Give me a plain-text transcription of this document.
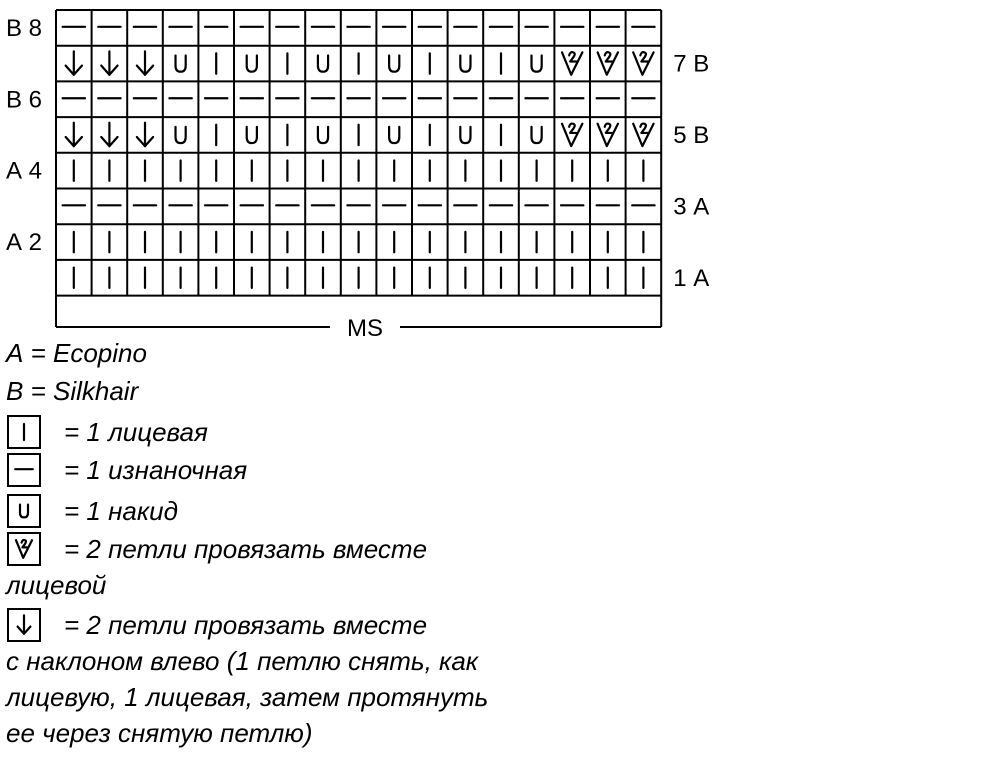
В 8
7 В
В 6
5 В
А 4
3 А
А 2
1 А
MS
А = Ecopino
В = Silkhair
= 1 лицевая
= 1 изнаночная
= 1 накид
= 2 петли провязать вместе
лицевой
= 2 петли провязать вместе
с наклоном влево (1 петлю снять, как
лицевую, 1 лицевая, затем протянуть
ее через снятую петлю)
